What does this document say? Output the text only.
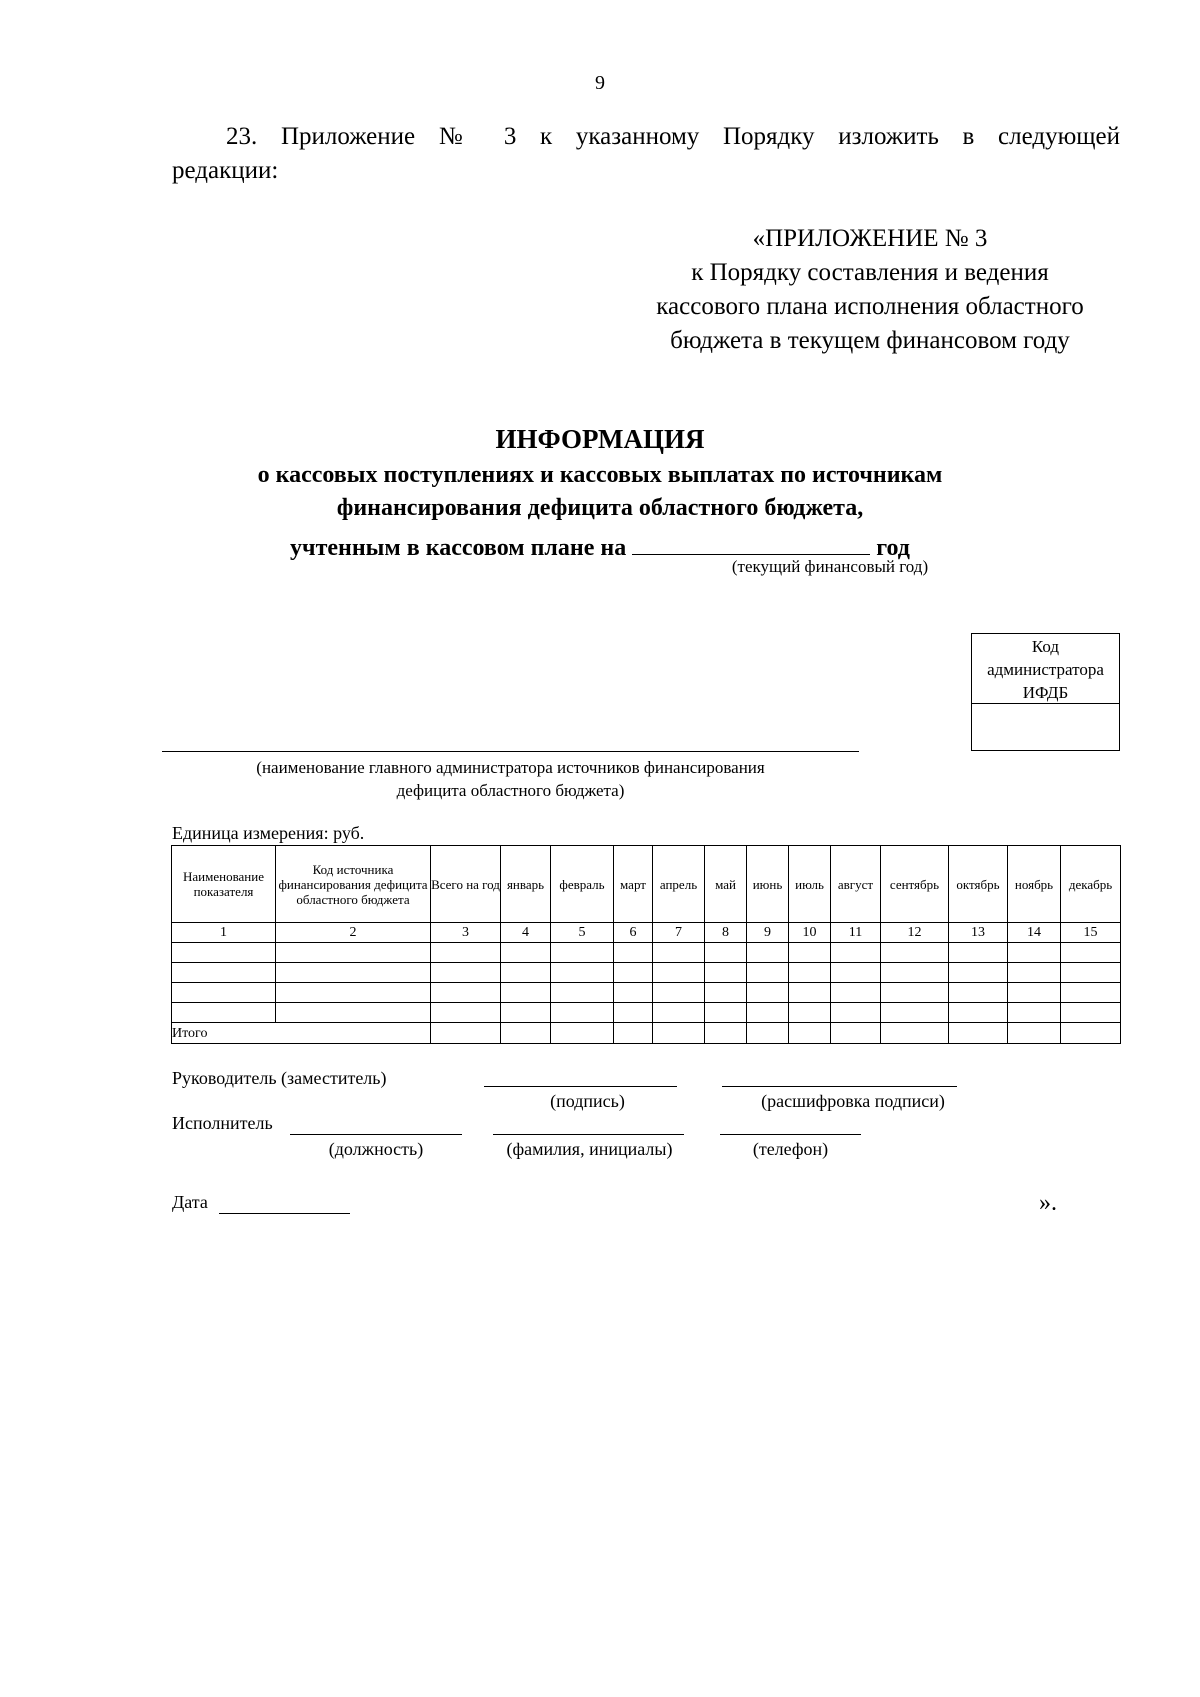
9
23. Приложение № 3 к указанному Порядку изложить в следующей
редакции:
«ПРИЛОЖЕНИЕ № 3
к Порядку составления и ведения
кассового плана исполнения областного
бюджета в текущем финансовом году
ИНФОРМАЦИЯ
о кассовых поступлениях и кассовых выплатах по источникам
финансирования дефицита областного бюджета,
учтенным в кассовом плане на	год
(текущий финансовый год)
Код
администратора
ИФДБ
(наименование главного администратора источников финансирования
дефицита областного бюджета)
Единица измерения: руб.
Наименование показателя	Код источника финансирования дефицита областного бюджета	Всего на год	январь	февраль	март	апрель	май	июнь	июль	август	сентябрь	октябрь	ноябрь	декабрь
1	2	3	4	5	6	7	8	9	10	11	12	13	14	15

Итого														
Руководитель (заместитель)
(подпись)	(расшифровка подписи)
Исполнитель
(должность)	(фамилия, инициалы)	(телефон)
Дата	».
